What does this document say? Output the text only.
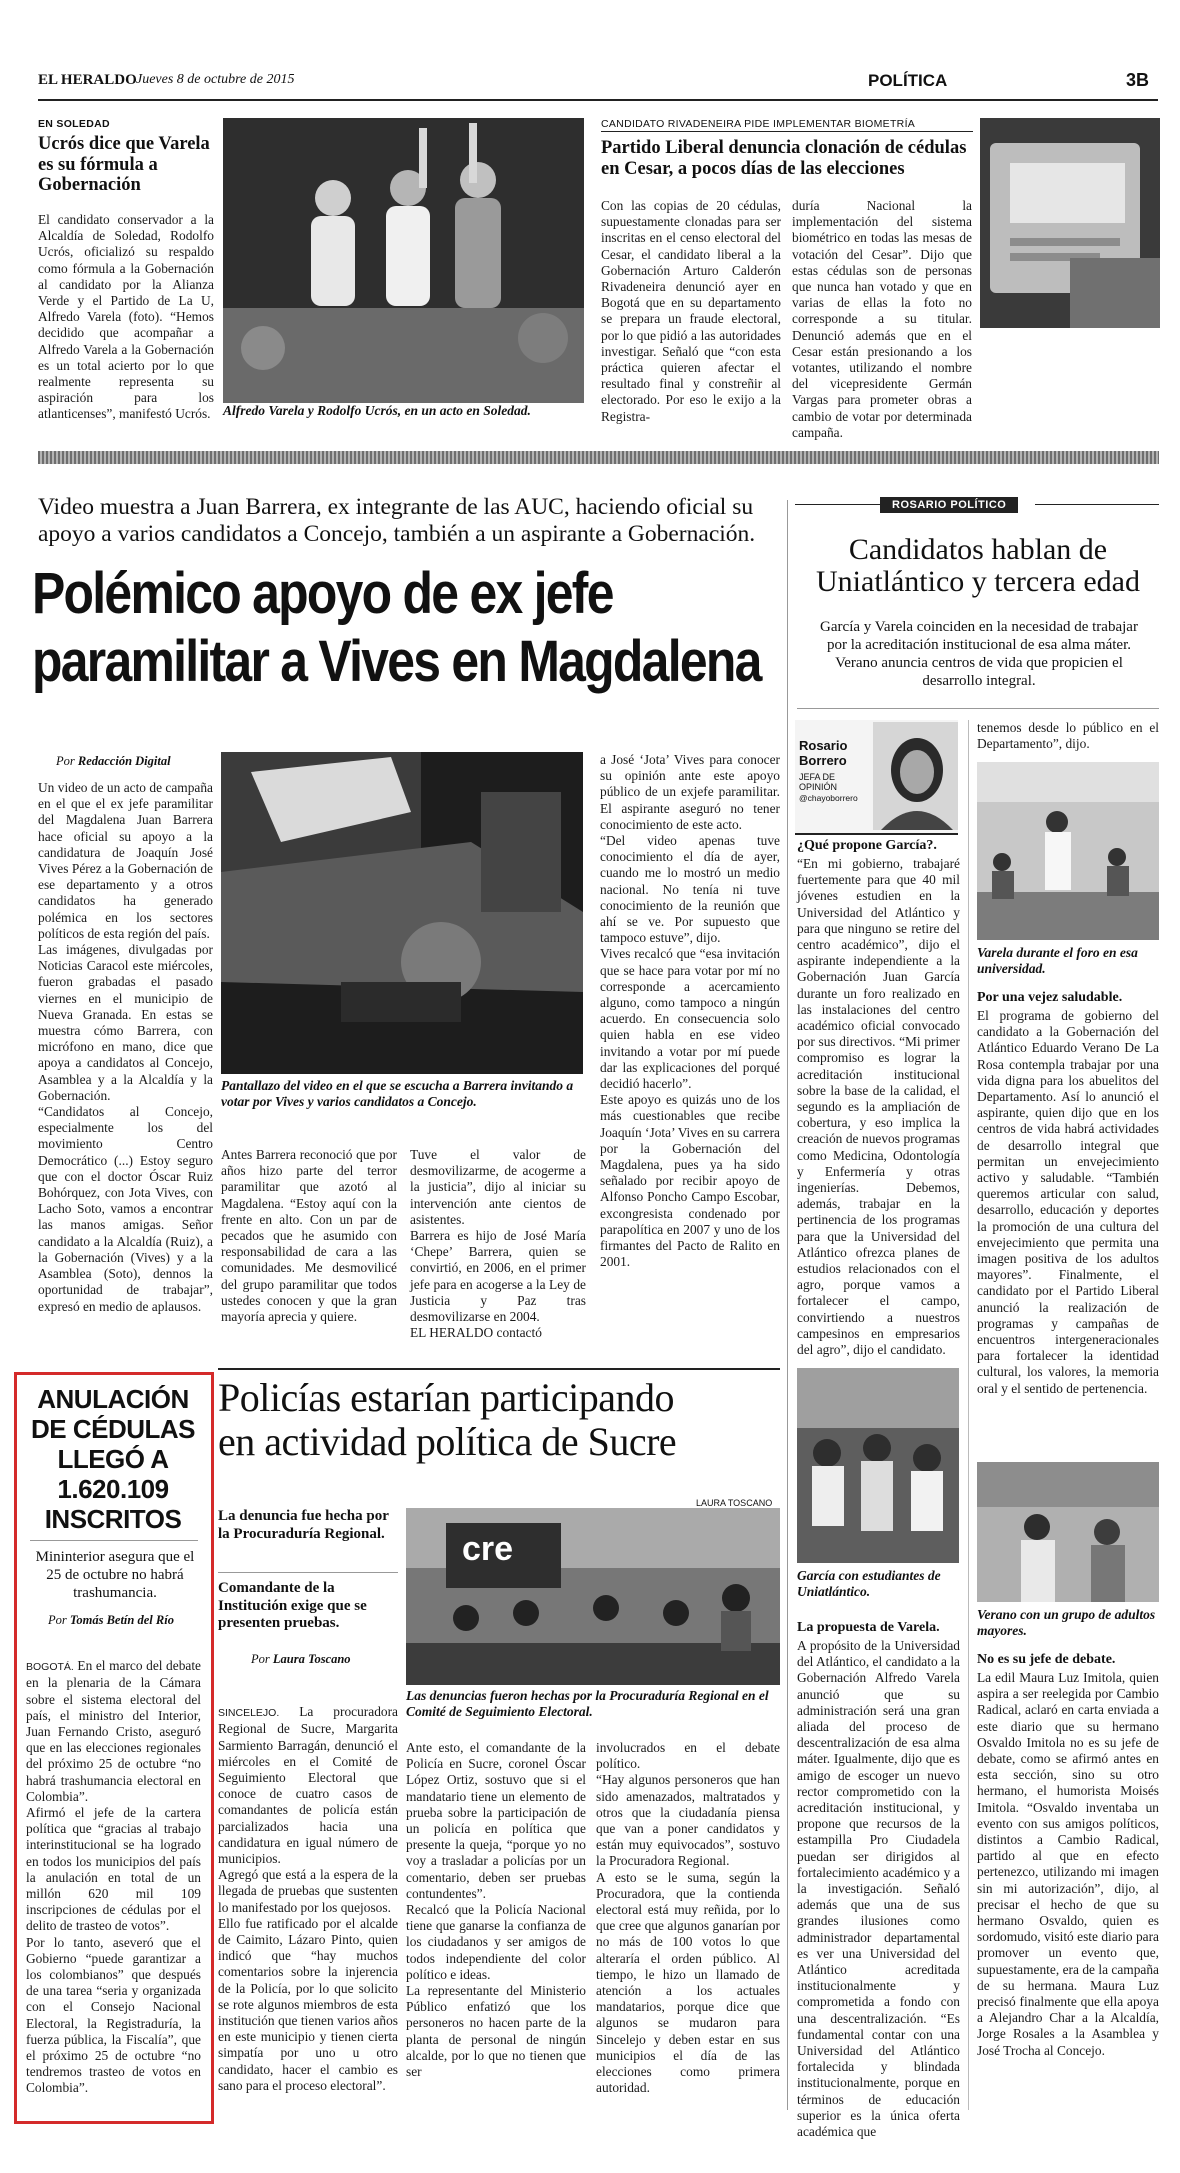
EL HERALDO Jueves 8 de octubre de 2015	POLÍTICA	3B
EN SOLEDAD
Ucrós dice que Varela es su fórmula a Gobernación
El candidato conservador a la Alcaldía de Soledad, Rodolfo Ucrós, oficializó su respaldo como fórmula a la Gobernación al candidato por la Alianza Verde y el Partido de La U, Alfredo Varela (foto). “Hemos decidido que acompañar a Alfredo Varela a la Gobernación es un total acierto por lo que realmente representa su aspiración para los atlanticenses”, manifestó Ucrós. Alfredo Varela y Rodolfo Ucrós, en un acto en Soledad.
CANDIDATO RIVADENEIRA PIDE IMPLEMENTAR BIOMETRÍA
Partido Liberal denuncia clonación de cédulas en Cesar, a pocos días de las elecciones
Con las copias de 20 cédulas, supuestamente clonadas para ser inscritas en el censo electoral del Cesar, el candidato liberal a la Gobernación Arturo Calderón Rivadeneira denunció ayer en Bogotá que en su departamento se prepara un fraude electoral, por lo que pidió a las autoridades investigar. Señaló que “con esta práctica quieren afectar el resultado final y constreñir al electorado. Por eso le exijo a la Registra-
duría Nacional la implementación del sistema biométrico en todas las mesas de votación del Cesar”. Dijo que estas cédulas son de personas que nunca han votado y que en varias de ellas la foto no corresponde a su titular. Denunció además que en el Cesar están presionando a los votantes, utilizando el nombre del vicepresidente Germán Vargas para prometer obras a cambio de votar por determinada campaña.
Video muestra a Juan Barrera, ex integrante de las AUC, haciendo oficial su apoyo a varios candidatos a Concejo, también a un aspirante a Gobernación.
Polémico apoyo de ex jefe
paramilitar a Vives en Magdalena
Por Redacción Digital
Un video de un acto de campaña en el que el ex jefe paramilitar del Magdalena Juan Barrera hace oficial su apoyo a la candidatura de Joaquín José Vives Pérez a la Gobernación de ese departamento y a otros candidatos ha generado polémica en los sectores políticos de esta región del país.
Las imágenes, divulgadas por Noticias Caracol este miércoles, fueron grabadas el pasado viernes en el municipio de Nueva Granada. En estas se muestra cómo Barrera, con micrófono en mano, dice que apoya a candidatos al Concejo, Asamblea y a la Alcaldía y la Gobernación.
“Candidatos al Concejo, especialmente los del movimiento Centro Democrático (...) Estoy seguro que con el doctor Óscar Ruiz Bohórquez, con Jota Vives, con Lacho Soto, vamos a encontrar las manos amigas. Señor candidato a la Alcaldía (Ruiz), a la Gobernación (Vives) y a la Asamblea (Soto), dennos la oportunidad de trabajar”, expresó en medio de aplausos.
Pantallazo del video en el que se escucha a Barrera invitando a votar por Vives y varios candidatos a Concejo.
Antes Barrera reconoció que por años hizo parte del terror paramilitar que azotó al Magdalena. “Estoy aquí con la frente en alto. Con un par de pecados que he asumido con responsabilidad de cara a las comunidades. Me desmovilicé del grupo paramilitar que todos ustedes conocen y que la gran mayoría aprecia y quiere.
Tuve el valor de desmovilizarme, de acogerme a la justicia”, dijo al iniciar su intervención ante cientos de asistentes.
Barrera es hijo de José María ‘Chepe’ Barrera, quien se convirtió, en 2006, en el primer jefe para en acogerse a la Ley de Justicia y Paz tras desmovilizarse en 2004.
EL HERALDO contactó
a José ‘Jota’ Vives para conocer su opinión ante este apoyo público de un exjefe paramilitar. El aspirante aseguró no tener conocimiento de este acto.
“Del video apenas tuve conocimiento el día de ayer, cuando me lo mostró un medio nacional. No tenía ni tuve conocimiento de la reunión que ahí se ve. Por supuesto que tampoco estuve”, dijo.
Vives recalcó que “esa invitación que se hace para votar por mí no corresponde a acercamiento alguno, como tampoco a ningún acuerdo. En consecuencia solo quien habla en ese video invitando a votar por mí puede dar las explicaciones del porqué decidió hacerlo”.
Este apoyo es quizás uno de los más cuestionables que recibe Joaquín ‘Jota’ Vives en su carrera por la Gobernación del Magdalena, pues ya ha sido señalado por recibir apoyo de Alfonso Poncho Campo Escobar, excongresista condenado por parapolítica en 2007 y uno de los firmantes del Pacto de Ralito en 2001.
ROSARIO POLÍTICO
Candidatos hablan de Uniatlántico y tercera edad
García y Varela coinciden en la necesidad de trabajar por la acreditación institucional de esa alma máter. Verano anuncia centros de vida que propicien el desarrollo integral.
Rosario
Borrero
JEFA DE
OPINIÓN
@chayoborrero
¿Qué propone García?.
“En mi gobierno, trabajaré fuertemente para que 40 mil jóvenes estudien en la Universidad del Atlántico y para que ninguno se retire del centro académico”, dijo el aspirante independiente a la Gobernación Juan García durante un foro realizado en las instalaciones del centro académico oficial convocado por sus directivos. “Mi primer compromiso es lograr la acreditación institucional sobre la base de la calidad, el segundo es la ampliación de cobertura, y eso implica la creación de nuevos programas como Medicina, Odontología y Enfermería y otras ingenierías. Debemos, además, trabajar en la pertinencia de los programas para que la Universidad del Atlántico ofrezca planes de estudios relacionados con el agro, porque vamos a fortalecer el campo, convirtiendo a nuestros campesinos en empresarios del agro”, dijo el candidato.
García con estudiantes de Uniatlántico.
La propuesta de Varela.
A propósito de la Universidad del Atlántico, el candidato a la Gobernación Alfredo Varela anunció que su administración será una gran aliada del proceso de descentralización de esa alma máter. Igualmente, dijo que es amigo de escoger un nuevo rector comprometido con la acreditación institucional, y propone que recursos de la estampilla Pro Ciudadela puedan ser dirigidos al fortalecimiento académico y a la investigación. Señaló además que una de sus grandes ilusiones como administrador departamental es ver una Universidad del Atlántico acreditada institucionalmente y comprometida a fondo con una descentralización. “Es fundamental contar con una Universidad del Atlántico fortalecida y blindada institucionalmente, porque en términos de educación superior es la única oferta académica que
tenemos desde lo público en el Departamento”, dijo.
Varela durante el foro en esa universidad.
Por una vejez saludable.
El programa de gobierno del candidato a la Gobernación del Atlántico Eduardo Verano De La Rosa contempla trabajar por una vida digna para los abuelitos del Departamento. Así lo anunció el aspirante, quien dijo que en los centros de vida habrá actividades de desarrollo integral que permitan un envejecimiento activo y saludable. “También queremos articular con salud, desarrollo, educación y deportes la promoción de una cultura del envejecimiento que permita una imagen positiva de los adultos mayores”. Finalmente, el candidato por el Partido Liberal anunció la realización de programas y campañas de encuentros intergeneracionales para fortalecer la identidad cultural, los valores, la memoria oral y el sentido de pertenencia.
Verano con un grupo de adultos mayores.
No es su jefe de debate.
La edil Maura Luz Imitola, quien aspira a ser reelegida por Cambio Radical, aclaró en carta enviada a este diario que su hermano Osvaldo Imitola no es su jefe de debate, como se afirmó antes en esta sección, sino su otro hermano, el humorista Moisés Imitola. “Osvaldo inventaba un evento con sus amigos políticos, distintos a Cambio Radical, partido al que en efecto pertenezco, utilizando mi imagen sin mi autorización”, dijo, al precisar el hecho de que su hermano Osvaldo, quien es sordomudo, visitó este diario para promover un evento que, supuestamente, era de la campaña de su hermana. Maura Luz precisó finalmente que ella apoya a Alejandro Char a la Alcaldía, Jorge Rosales a la Asamblea y José Trocha al Concejo.
ANULACIÓN DE CÉDULAS LLEGÓ A 1.620.109 INSCRITOS
Mininterior asegura que el 25 de octubre no habrá trashumancia.
Por Tomás Betín del Río

BOGOTÁ. En el marco del debate en la plenaria de la Cámara sobre el sistema electoral del país, el ministro del Interior, Juan Fernando Cristo, aseguró que en las elecciones regionales del próximo 25 de octubre “no habrá trashumancia electoral en Colombia”.
Afirmó el jefe de la cartera política que “gracias al trabajo interinstitucional se ha logrado en todos los municipios del país la anulación en total de un millón 620 mil 109 inscripciones de cédulas por el delito de trasteo de votos”.
Por lo tanto, aseveró que el Gobierno “puede garantizar a los colombianos” que después de una tarea “seria y organizada con el Consejo Nacional Electoral, la Registraduría, la fuerza pública, la Fiscalía”, que el próximo 25 de octubre “no tendremos trasteo de votos en Colombia”.

Policías estarían participando
en actividad política de Sucre
LAURA TOSCANO
La denuncia fue hecha por la Procuraduría Regional.
Comandante de la Institución exige que se presenten pruebas.
Por Laura Toscano
cre
Las denuncias fueron hechas por la Procuraduría Regional en el Comité de Seguimiento Electoral.

SINCELEJO. La procuradora Regional de Sucre, Margarita Sarmiento Barragán, denunció el miércoles en el Comité de Seguimiento Electoral que conoce de cuatro casos de comandantes de policía están parcializados hacia una candidatura en igual número de municipios.
Agregó que está a la espera de la llegada de pruebas que sustenten lo manifestado por los quejosos.
Ello fue ratificado por el alcalde de Caimito, Lázaro Pinto, quien indicó que “hay muchos comentarios sobre la injerencia de la Policía, por lo que solicito se rote algunos miembros de esta institución que tienen varios años en este municipio y tienen cierta simpatía por uno u otro candidato, hacer el cambio es sano para el proceso electoral”.

Ante esto, el comandante de la Policía en Sucre, coronel Óscar López Ortiz, sostuvo que si el mandatario tiene un elemento de prueba sobre la participación de un policía en política que presente la queja, “porque yo no voy a trasladar a policías por un comentario, deben ser pruebas contundentes”.
Recalcó que la Policía Nacional tiene que ganarse la confianza de los ciudadanos y ser amigos de todos independiente del color político e ideas.
La representante del Ministerio Público enfatizó que los personeros no hacen parte de la planta de personal de ningún alcalde, por lo que no tienen que ser
involucrados en el debate político.
“Hay algunos personeros que han sido amenazados, maltratados y otros que la ciudadanía piensa que van a poner candidatos y están muy equivocados”, sostuvo la Procuradora Regional.
A esto se le suma, según la Procuradora, que la contienda electoral está muy reñida, por lo que cree que algunos ganarían por no más de 100 votos lo que alteraría el orden público. Al tiempo, le hizo un llamado de atención a los actuales mandatarios, porque dice que algunos se mudaron para Sincelejo y deben estar en sus municipios el día de las elecciones como primera autoridad.
